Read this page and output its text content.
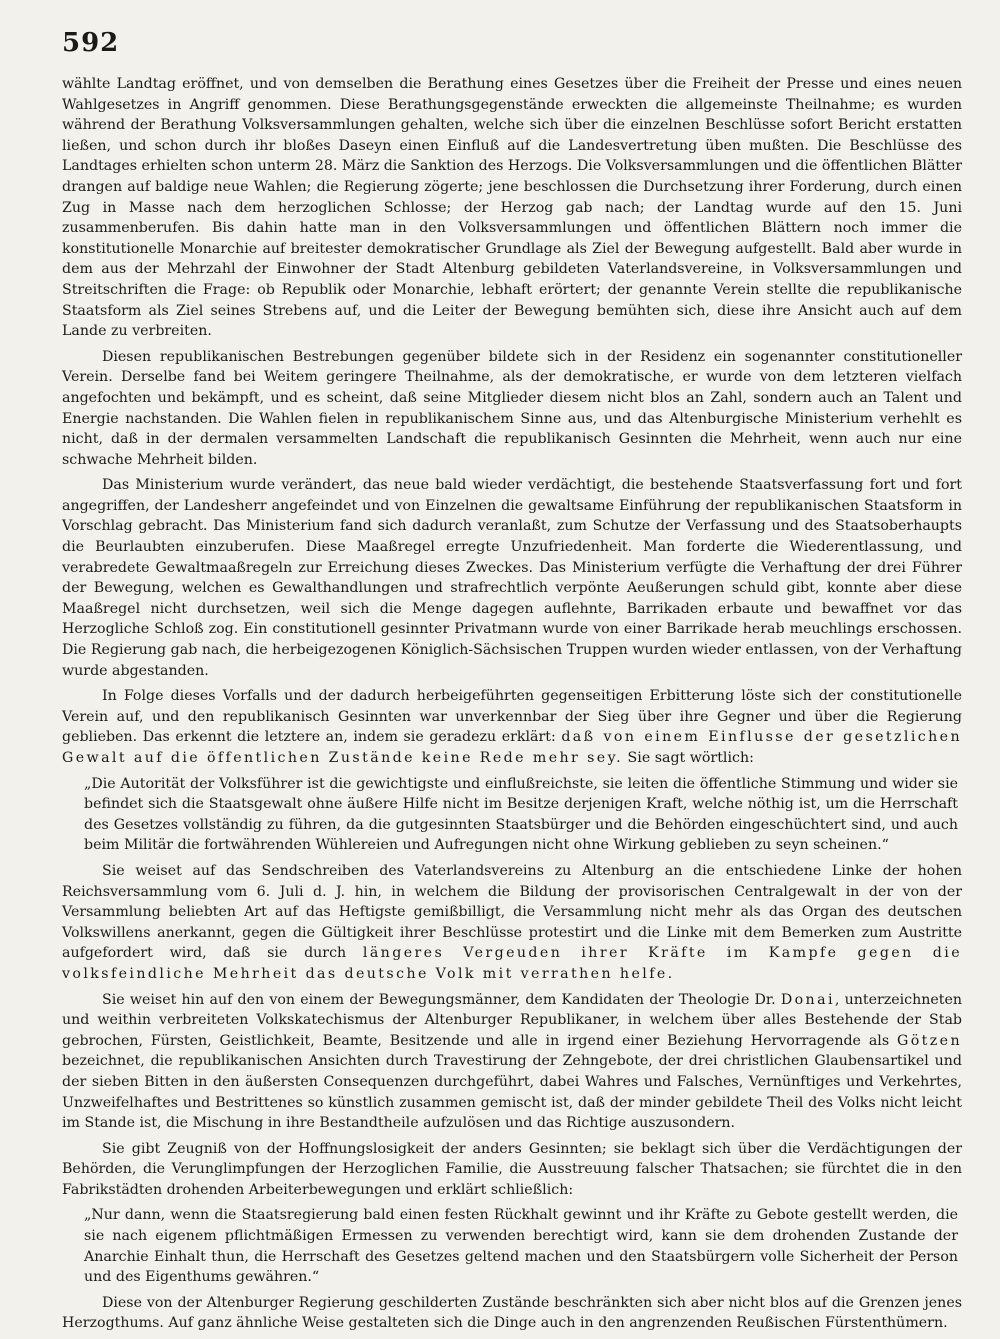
592

wählte Landtag eröffnet, und von demselben die Berathung eines Gesetzes über die Freiheit der Presse und eines neuen Wahlgesetzes in Angriff genommen. Diese Berathungsgegenstände erweckten die allgemeinste Theilnahme; es wurden während der Berathung Volksversammlungen gehalten, welche sich über die einzelnen Beschlüsse sofort Bericht erstatten ließen, und schon durch ihr bloßes Daseyn einen Einfluß auf die Landesvertretung üben mußten. Die Beschlüsse des Landtages erhielten schon unterm 28. März die Sanktion des Herzogs. Die Volksversammlungen und die öffentlichen Blätter drangen auf baldige neue Wahlen; die Regierung zögerte; jene beschlossen die Durchsetzung ihrer Forderung, durch einen Zug in Masse nach dem herzoglichen Schlosse; der Herzog gab nach; der Landtag wurde auf den 15. Juni zusammenberufen. Bis dahin hatte man in den Volksversammlungen und öffentlichen Blättern noch immer die konstitutionelle Monarchie auf breitester demokratischer Grundlage als Ziel der Bewegung aufgestellt. Bald aber wurde in dem aus der Mehrzahl der Einwohner der Stadt Altenburg gebildeten Vaterlandsvereine, in Volksversammlungen und Streitschriften die Frage: ob Republik oder Monarchie, lebhaft erörtert; der genannte Verein stellte die republikanische Staatsform als Ziel seines Strebens auf, und die Leiter der Bewegung bemühten sich, diese ihre Ansicht auch auf dem Lande zu verbreiten.

Diesen republikanischen Bestrebungen gegenüber bildete sich in der Residenz ein sogenannter constitutioneller Verein. Derselbe fand bei Weitem geringere Theilnahme, als der demokratische, er wurde von dem letzteren vielfach angefochten und bekämpft, und es scheint, daß seine Mitglieder diesem nicht blos an Zahl, sondern auch an Talent und Energie nachstanden. Die Wahlen fielen in republikanischem Sinne aus, und das Altenburgische Ministerium verhehlt es nicht, daß in der dermalen versammelten Landschaft die republikanisch Gesinnten die Mehrheit, wenn auch nur eine schwache Mehrheit bilden.

Das Ministerium wurde verändert, das neue bald wieder verdächtigt, die bestehende Staatsverfassung fort und fort angegriffen, der Landesherr angefeindet und von Einzelnen die gewaltsame Einführung der republikanischen Staatsform in Vorschlag gebracht. Das Ministerium fand sich dadurch veranlaßt, zum Schutze der Verfassung und des Staatsoberhaupts die Beurlaubten einzuberufen. Diese Maaßregel erregte Unzufriedenheit. Man forderte die Wiederentlassung, und verabredete Gewaltmaaßregeln zur Erreichung dieses Zweckes. Das Ministerium verfügte die Verhaftung der drei Führer der Bewegung, welchen es Gewalthandlungen und strafrechtlich verpönte Aeußerungen schuld gibt, konnte aber diese Maaßregel nicht durchsetzen, weil sich die Menge dagegen auflehnte, Barrikaden erbaute und bewaffnet vor das Herzogliche Schloß zog. Ein constitutionell gesinnter Privatmann wurde von einer Barrikade herab meuchlings erschossen. Die Regierung gab nach, die herbeigezogenen Königlich-Sächsischen Truppen wurden wieder entlassen, von der Verhaftung wurde abgestanden.

In Folge dieses Vorfalls und der dadurch herbeigeführten gegenseitigen Erbitterung löste sich der constitutionelle Verein auf, und den republikanisch Gesinnten war unverkennbar der Sieg über ihre Gegner und über die Regierung geblieben. Das erkennt die letztere an, indem sie geradezu erklärt: daß von einem Einflusse der gesetzlichen Gewalt auf die öffentlichen Zustände keine Rede mehr sey. Sie sagt wörtlich:

„Die Autorität der Volksführer ist die gewichtigste und einflußreichste, sie leiten die öffentliche Stimmung und wider sie befindet sich die Staatsgewalt ohne äußere Hilfe nicht im Besitze derjenigen Kraft, welche nöthig ist, um die Herrschaft des Gesetzes vollständig zu führen, da die gutgesinnten Staatsbürger und die Behörden eingeschüchtert sind, und auch beim Militär die fortwährenden Wühlereien und Aufregungen nicht ohne Wirkung geblieben zu seyn scheinen.“

Sie weiset auf das Sendschreiben des Vaterlandsvereins zu Altenburg an die entschiedene Linke der hohen Reichsversammlung vom 6. Juli d. J. hin, in welchem die Bildung der provisorischen Centralgewalt in der von der Versammlung beliebten Art auf das Heftigste gemißbilligt, die Versammlung nicht mehr als das Organ des deutschen Volkswillens anerkannt, gegen die Gültigkeit ihrer Beschlüsse protestirt und die Linke mit dem Bemerken zum Austritte aufgefordert wird, daß sie durch längeres Vergeuden ihrer Kräfte im Kampfe gegen die volksfeindliche Mehrheit das deutsche Volk mit verrathen helfe.

Sie weiset hin auf den von einem der Bewegungsmänner, dem Kandidaten der Theologie Dr. Donai, unterzeichneten und weithin verbreiteten Volkskatechismus der Altenburger Republikaner, in welchem über alles Bestehende der Stab gebrochen, Fürsten, Geistlichkeit, Beamte, Besitzende und alle in irgend einer Beziehung Hervorragende als Götzen bezeichnet, die republikanischen Ansichten durch Travestirung der Zehngebote, der drei christlichen Glaubensartikel und der sieben Bitten in den äußersten Consequenzen durchgeführt, dabei Wahres und Falsches, Vernünftiges und Verkehrtes, Unzweifelhaftes und Bestrittenes so künstlich zusammen gemischt ist, daß der minder gebildete Theil des Volks nicht leicht im Stande ist, die Mischung in ihre Bestandtheile aufzulösen und das Richtige auszusondern.

Sie gibt Zeugniß von der Hoffnungslosigkeit der anders Gesinnten; sie beklagt sich über die Verdächtigungen der Behörden, die Verunglimpfungen der Herzoglichen Familie, die Ausstreuung falscher Thatsachen; sie fürchtet die in den Fabrikstädten drohenden Arbeiterbewegungen und erklärt schließlich:

„Nur dann, wenn die Staatsregierung bald einen festen Rückhalt gewinnt und ihr Kräfte zu Gebote gestellt werden, die sie nach eigenem pflichtmäßigen Ermessen zu verwenden berechtigt wird, kann sie dem drohenden Zustande der Anarchie Einhalt thun, die Herrschaft des Gesetzes geltend machen und den Staatsbürgern volle Sicherheit der Person und des Eigenthums gewähren.“

Diese von der Altenburger Regierung geschilderten Zustände beschränkten sich aber nicht blos auf die Grenzen jenes Herzogthums. Auf ganz ähnliche Weise gestalteten sich die Dinge auch in den angrenzenden Reußischen Fürstenthümern.
